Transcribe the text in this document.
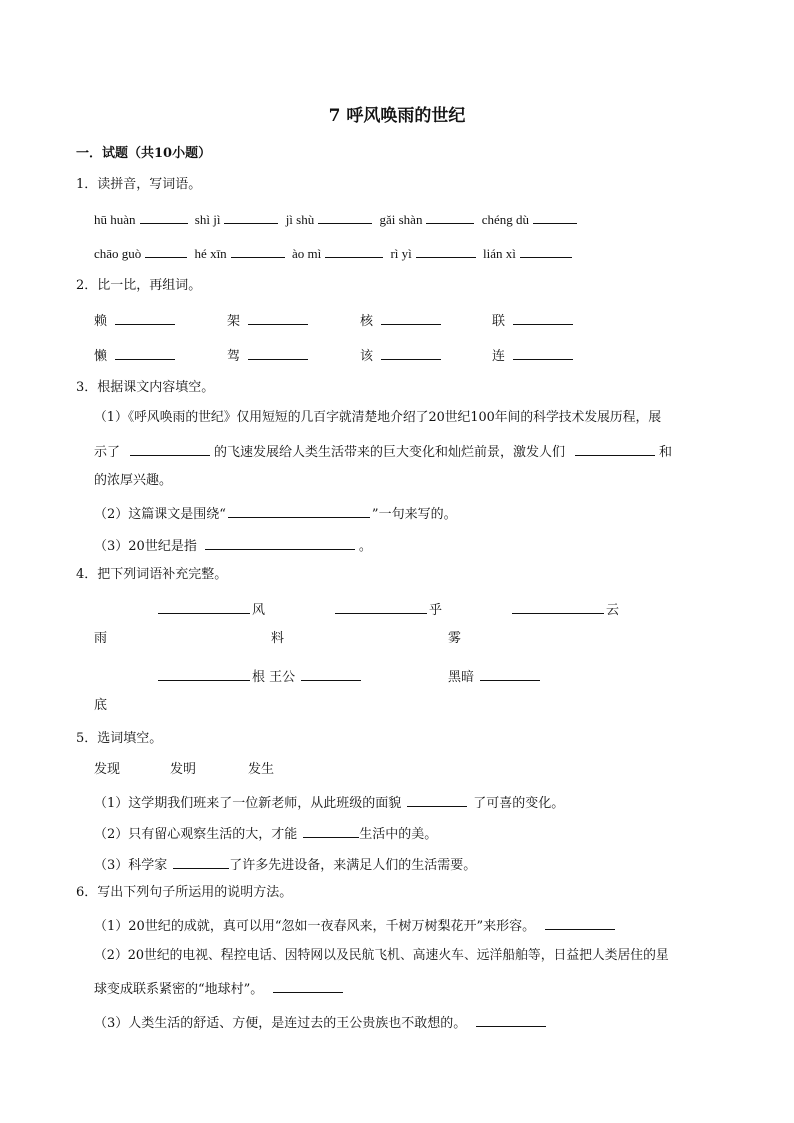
7 呼风唤雨的世纪
一．试题（共10小题）
1．读拼音，写词语。
hū huàn	shì jì	jì shù	gǎi shàn	chéng dù
chāo guò	hé xīn	ào mì	rì yì	lián xì
2．比一比，再组词。
赖	架	核	联
懒	驾	该	连
3．根据课文内容填空。
（1）《呼风唤雨的世纪》仅用短短的几百字就清楚地介绍了20世纪100年间的科学技术发展历程，展
示了	的飞速发展给人类生活带来的巨大变化和灿烂前景，激发人们	和
的浓厚兴趣。
（2）这篇课文是围绕“	”一句来写的。
（3）20世纪是指	。
4．把下列词语补充完整。
风	乎	云
雨	料	雾
根 王公	黑暗
底
5．选词填空。
发现	发明	发生
（1）这学期我们班来了一位新老师，从此班级的面貌	了可喜的变化。
（2）只有留心观察生活的大，才能	生活中的美。
（3）科学家	了许多先进设备，来满足人们的生活需要。
6．写出下列句子所运用的说明方法。
（1）20世纪的成就，真可以用“忽如一夜春风来，千树万树梨花开”来形容。
（2）20世纪的电视、程控电话、因特网以及民航飞机、高速火车、远洋船舶等，日益把人类居住的星
球变成联系紧密的“地球村”。
（3）人类生活的舒适、方便，是连过去的王公贵族也不敢想的。
